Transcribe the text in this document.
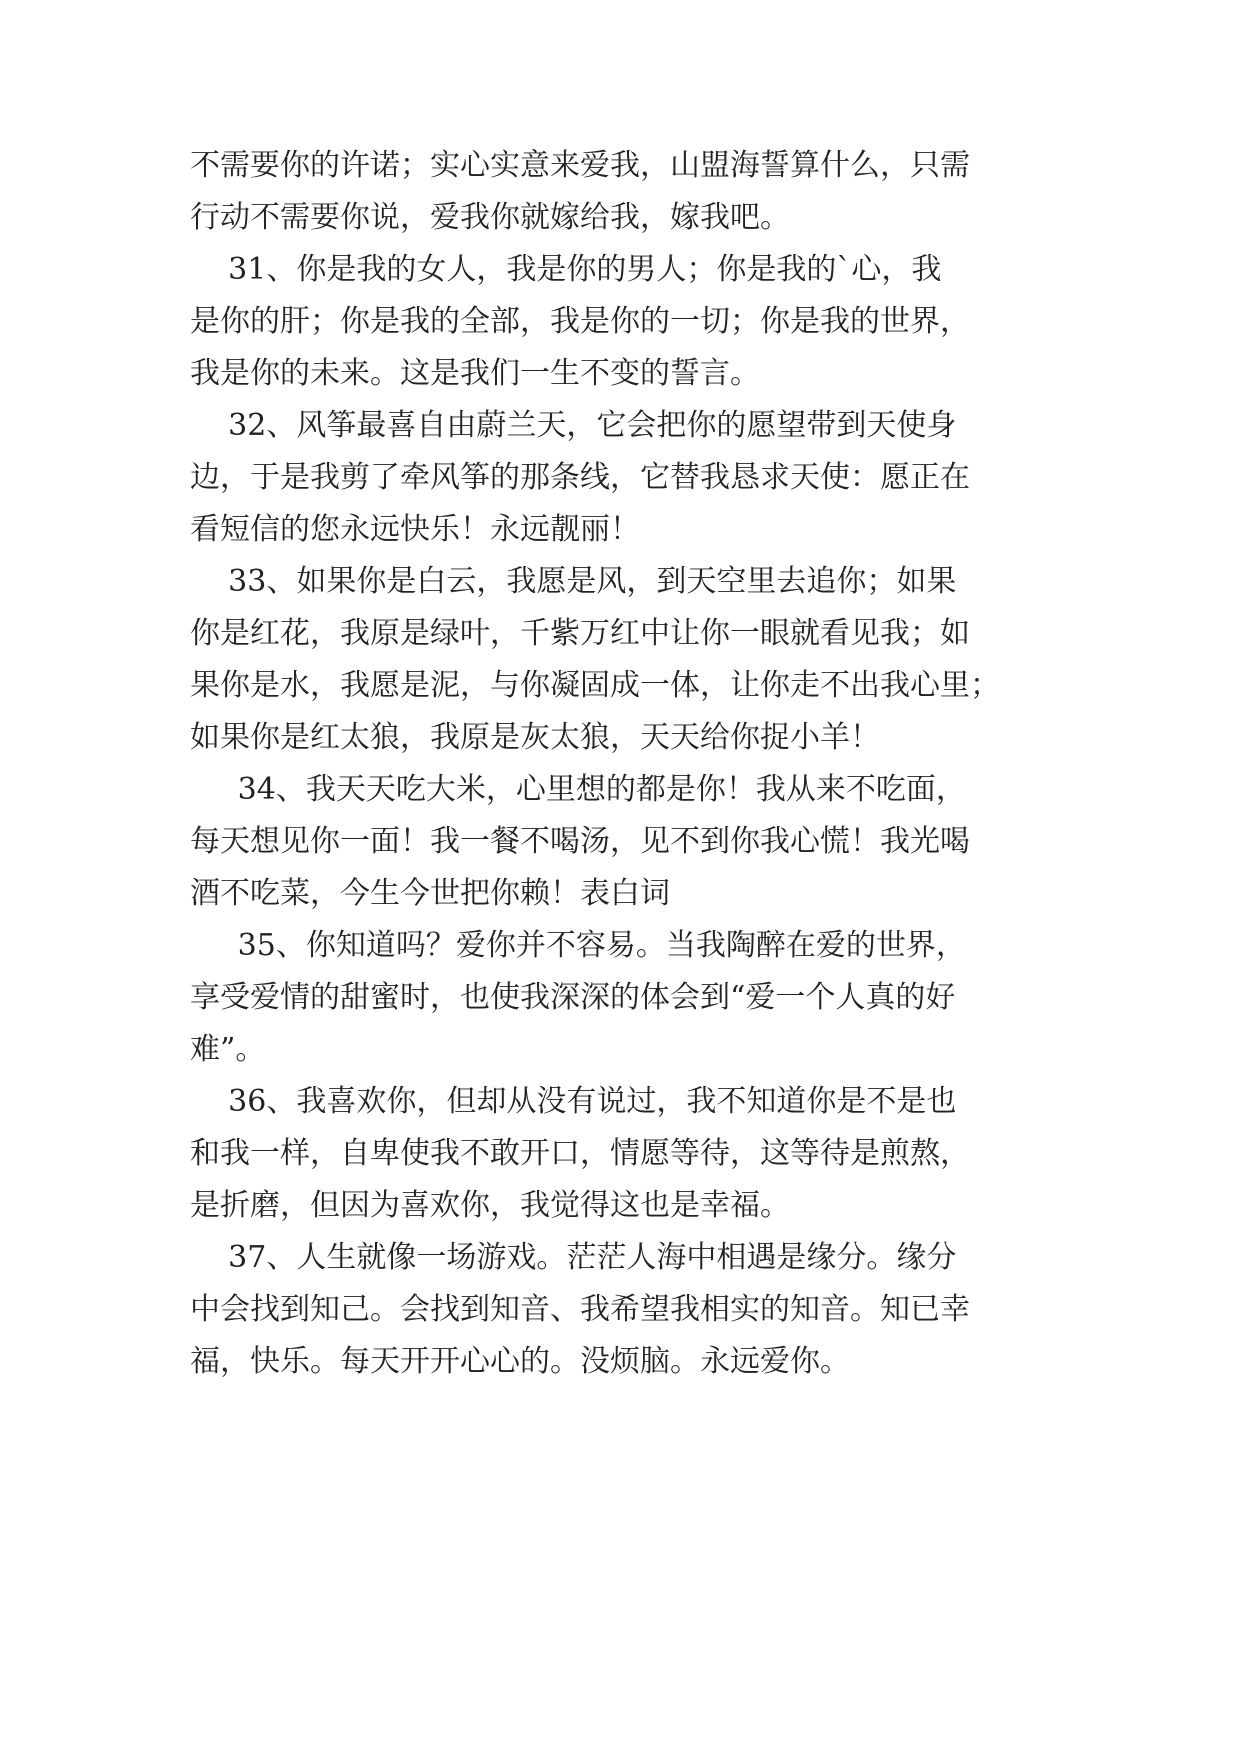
不需要你的许诺；实心实意来爱我，山盟海誓算什么，只需

行动不需要你说，爱我你就嫁给我，嫁我吧。

31、你是我的女人，我是你的男人；你是我的`心，我

是你的肝；你是我的全部，我是你的一切；你是我的世界，

我是你的未来。这是我们一生不变的誓言。

32、风筝最喜自由蔚兰天，它会把你的愿望带到天使身

边，于是我剪了牵风筝的那条线，它替我恳求天使：愿正在

看短信的您永远快乐！永远靓丽！

33、如果你是白云，我愿是风，到天空里去追你；如果

你是红花，我原是绿叶，千紫万红中让你一眼就看见我；如

果你是水，我愿是泥，与你凝固成一体，让你走不出我心里；

如果你是红太狼，我原是灰太狼，天天给你捉小羊！

34、我天天吃大米，心里想的都是你！我从来不吃面，

每天想见你一面！我一餐不喝汤，见不到你我心慌！我光喝

酒不吃菜，今生今世把你赖！表白词

35、你知道吗？爱你并不容易。当我陶醉在爱的世界，

享受爱情的甜蜜时，也使我深深的体会到“爱一个人真的好

难”。

36、我喜欢你，但却从没有说过，我不知道你是不是也

和我一样，自卑使我不敢开口，情愿等待，这等待是煎熬，

是折磨，但因为喜欢你，我觉得这也是幸福。

37、人生就像一场游戏。茫茫人海中相遇是缘分。缘分

中会找到知己。会找到知音、我希望我相实的知音。知已幸

福，快乐。每天开开心心的。没烦脑。永远爱你。
